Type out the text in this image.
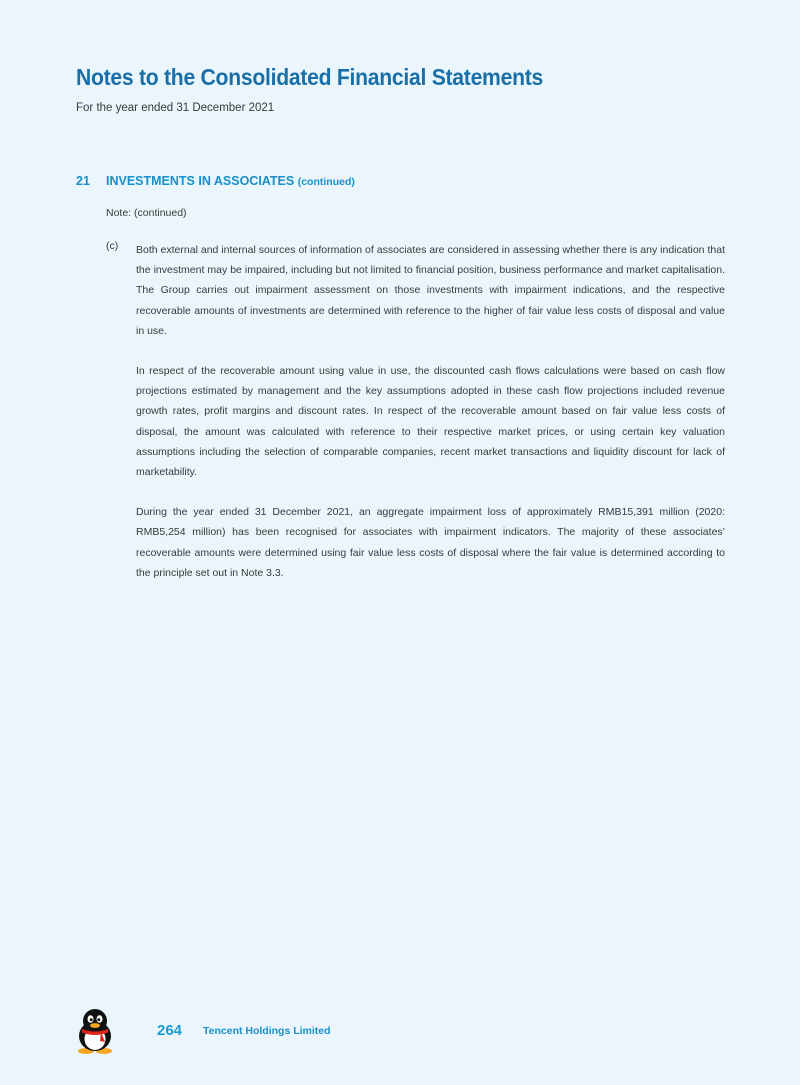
Notes to the Consolidated Financial Statements
For the year ended 31 December 2021
21 INVESTMENTS IN ASSOCIATES (continued)
Note: (continued)
(c) Both external and internal sources of information of associates are considered in assessing whether there is any indication that the investment may be impaired, including but not limited to financial position, business performance and market capitalisation. The Group carries out impairment assessment on those investments with impairment indications, and the respective recoverable amounts of investments are determined with reference to the higher of fair value less costs of disposal and value in use.

In respect of the recoverable amount using value in use, the discounted cash flows calculations were based on cash flow projections estimated by management and the key assumptions adopted in these cash flow projections included revenue growth rates, profit margins and discount rates. In respect of the recoverable amount based on fair value less costs of disposal, the amount was calculated with reference to their respective market prices, or using certain key valuation assumptions including the selection of comparable companies, recent market transactions and liquidity discount for lack of marketability.

During the year ended 31 December 2021, an aggregate impairment loss of approximately RMB15,391 million (2020: RMB5,254 million) has been recognised for associates with impairment indicators. The majority of these associates’ recoverable amounts were determined using fair value less costs of disposal where the fair value is determined according to the principle set out in Note 3.3.

264 Tencent Holdings Limited
